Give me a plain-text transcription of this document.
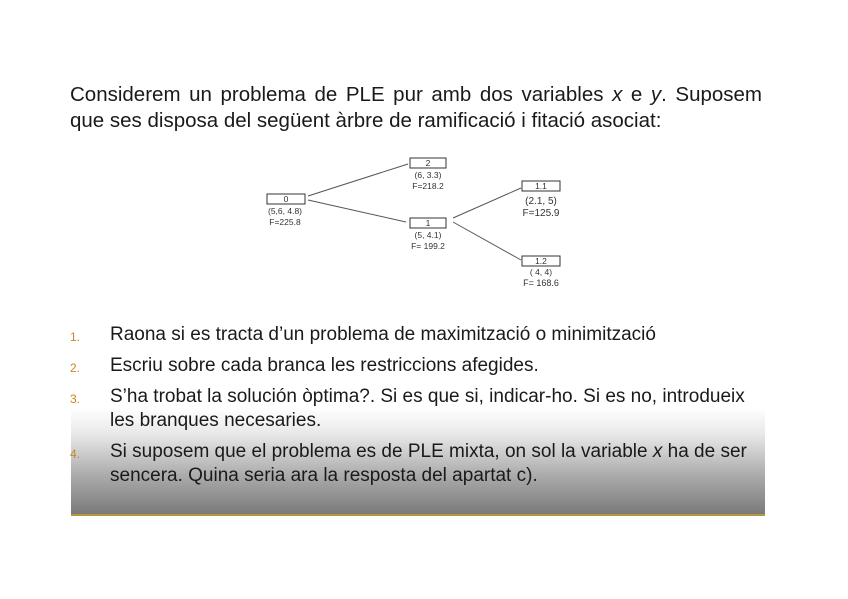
Considerem un problema de PLE pur amb dos variables x e y. Suposem que ses disposa del següent àrbre de ramificació i fitació asociat:
0
(5,6, 4.8)
F=225.8
2
(6, 3.3)
F=218.2
1
(5, 4.1)
F= 199.2
1.1
(2.1, 5)
F=125.9
1.2
( 4, 4)
F= 168.6
1. Raona si es tracta d’un problema de maximització o minimització
2. Escriu sobre cada branca les restriccions afegides.
3. S’ha trobat la solución òptima?. Si es que si, indicar-ho. Si es no, introdueix les branques necesaries.
4. Si suposem que el problema es de PLE mixta, on sol la variable x ha de ser sencera. Quina seria ara la resposta del apartat c).
